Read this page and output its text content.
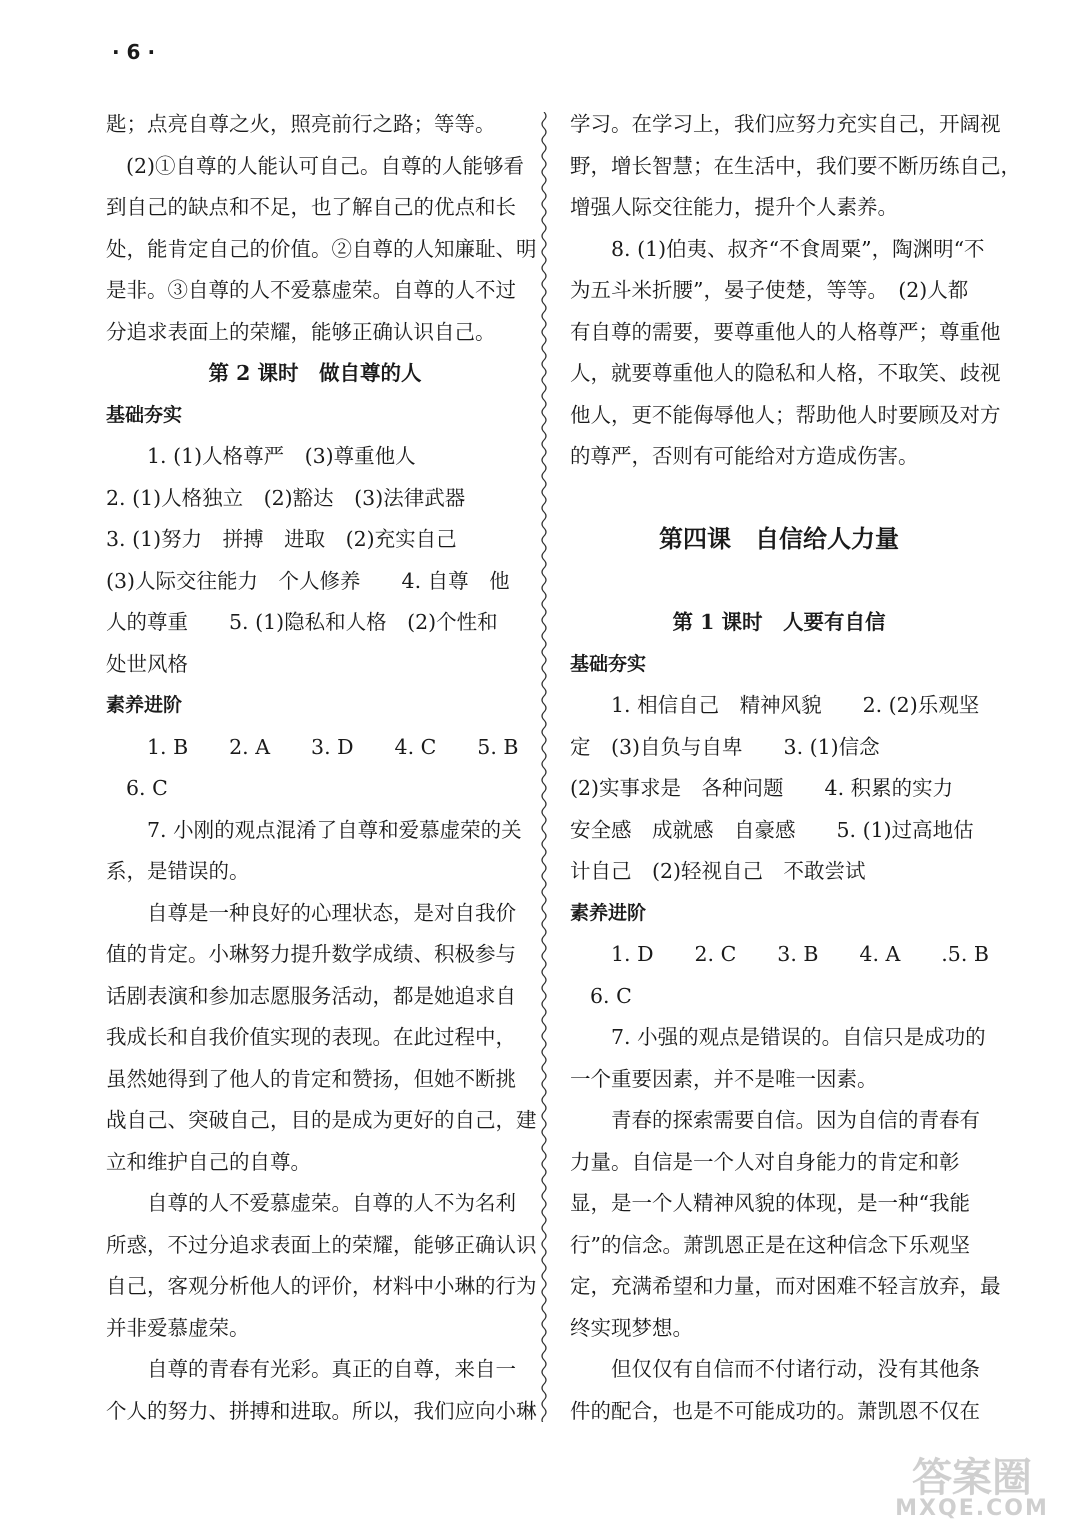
· 6 ·
匙；点亮自尊之火，照亮前行之路；等等。
(2)①自尊的人能认可自己。自尊的人能够看
到自己的缺点和不足，也了解自己的优点和长
处，能肯定自己的价值。②自尊的人知廉耻、明
是非。③自尊的人不爱慕虚荣。自尊的人不过
分追求表面上的荣耀，能够正确认识自己。
第 2 课时　做自尊的人
基础夯实
1. (1)人格尊严　(3)尊重他人
2. (1)人格独立　(2)豁达　(3)法律武器
3. (1)努力　拼搏　进取　(2)充实自己
(3)人际交往能力　个人修养　　4. 自尊　他
人的尊重　　5. (1)隐私和人格　(2)个性和
处世风格
素养进阶
1. B　　2. A　　3. D　　4. C　　5. B
6. C
7. 小刚的观点混淆了自尊和爱慕虚荣的关
系，是错误的。
自尊是一种良好的心理状态，是对自我价
值的肯定。小琳努力提升数学成绩、积极参与
话剧表演和参加志愿服务活动，都是她追求自
我成长和自我价值实现的表现。在此过程中，
虽然她得到了他人的肯定和赞扬，但她不断挑
战自己、突破自己，目的是成为更好的自己，建
立和维护自己的自尊。
自尊的人不爱慕虚荣。自尊的人不为名利
所惑，不过分追求表面上的荣耀，能够正确认识
自己，客观分析他人的评价，材料中小琳的行为
并非爱慕虚荣。
自尊的青春有光彩。真正的自尊，来自一
个人的努力、拼搏和进取。所以，我们应向小琳
学习。在学习上，我们应努力充实自己，开阔视
野，增长智慧；在生活中，我们要不断历练自己，
增强人际交往能力，提升个人素养。
8. (1)伯夷、叔齐“不食周粟”，陶渊明“不
为五斗米折腰”，晏子使楚，等等。　(2)人都
有自尊的需要，要尊重他人的人格尊严；尊重他
人，就要尊重他人的隐私和人格，不取笑、歧视
他人，更不能侮辱他人；帮助他人时要顾及对方
的尊严，否则有可能给对方造成伤害。
第四课　自信给人力量
第 1 课时　人要有自信
基础夯实
1. 相信自己　精神风貌　　2. (2)乐观坚
定　(3)自负与自卑　　3. (1)信念
(2)实事求是　各种问题　　4. 积累的实力
安全感　成就感　自豪感　　5. (1)过高地估
计自己　(2)轻视自己　不敢尝试
素养进阶
1. D　　2. C　　3. B　　4. A　　.5. B
6. C
7. 小强的观点是错误的。自信只是成功的
一个重要因素，并不是唯一因素。
青春的探索需要自信。因为自信的青春有
力量。自信是一个人对自身能力的肯定和彰
显，是一个人精神风貌的体现，是一种“我能
行”的信念。萧凯恩正是在这种信念下乐观坚
定，充满希望和力量，而对困难不轻言放弃，最
终实现梦想。
但仅仅有自信而不付诸行动，没有其他条
件的配合，也是不可能成功的。萧凯恩不仅在
答案圈
MXQE.COM
